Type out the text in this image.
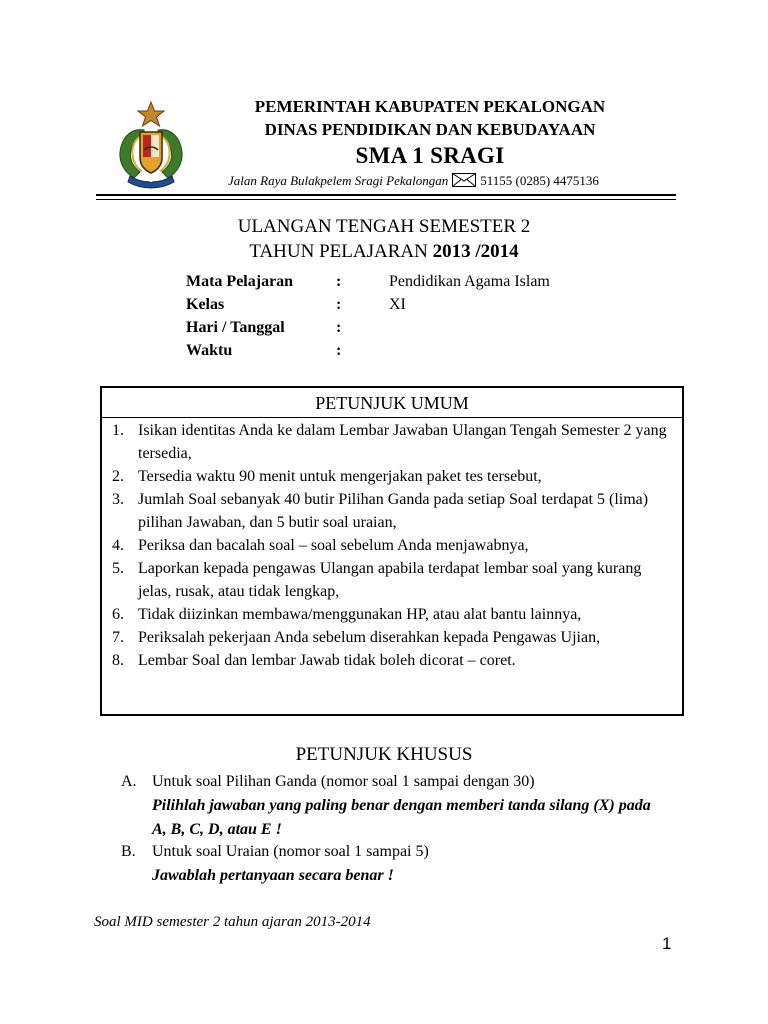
PEMERINTAH KABUPATEN PEKALONGAN
DINAS PENDIDIKAN DAN KEBUDAYAAN
SMA 1 SRAGI
Jalan Raya Bulakpelem Sragi Pekalongan 51155 (0285) 4475136
ULANGAN TENGAH SEMESTER 2
TAHUN PELAJARAN 2013 /2014
Mata Pelajaran	:	Pendidikan Agama Islam
Kelas	:	XI
Hari / Tanggal	:
Waktu	:
PETUNJUK UMUM
1. Isikan identitas Anda ke dalam Lembar Jawaban Ulangan Tengah Semester 2 yang tersedia,
2. Tersedia waktu 90 menit untuk mengerjakan paket tes tersebut,
3. Jumlah Soal sebanyak 40 butir Pilihan Ganda pada setiap Soal terdapat 5 (lima) pilihan Jawaban, dan 5 butir soal uraian,
4. Periksa dan bacalah soal – soal sebelum Anda menjawabnya,
5. Laporkan kepada pengawas Ulangan apabila terdapat lembar soal yang kurang jelas, rusak, atau tidak lengkap,
6. Tidak diizinkan membawa/menggunakan HP, atau alat bantu lainnya,
7. Periksalah pekerjaan Anda sebelum diserahkan kepada Pengawas Ujian,
8. Lembar Soal dan lembar Jawab tidak boleh dicorat – coret.
PETUNJUK KHUSUS
A. Untuk soal Pilihan Ganda (nomor soal 1 sampai dengan 30)
Pilihlah jawaban yang paling benar dengan memberi tanda silang (X) pada A, B, C, D, atau E !
B. Untuk soal Uraian (nomor soal 1 sampai 5)
Jawablah pertanyaan secara benar !
Soal MID semester 2 tahun ajaran 2013-2014
1
